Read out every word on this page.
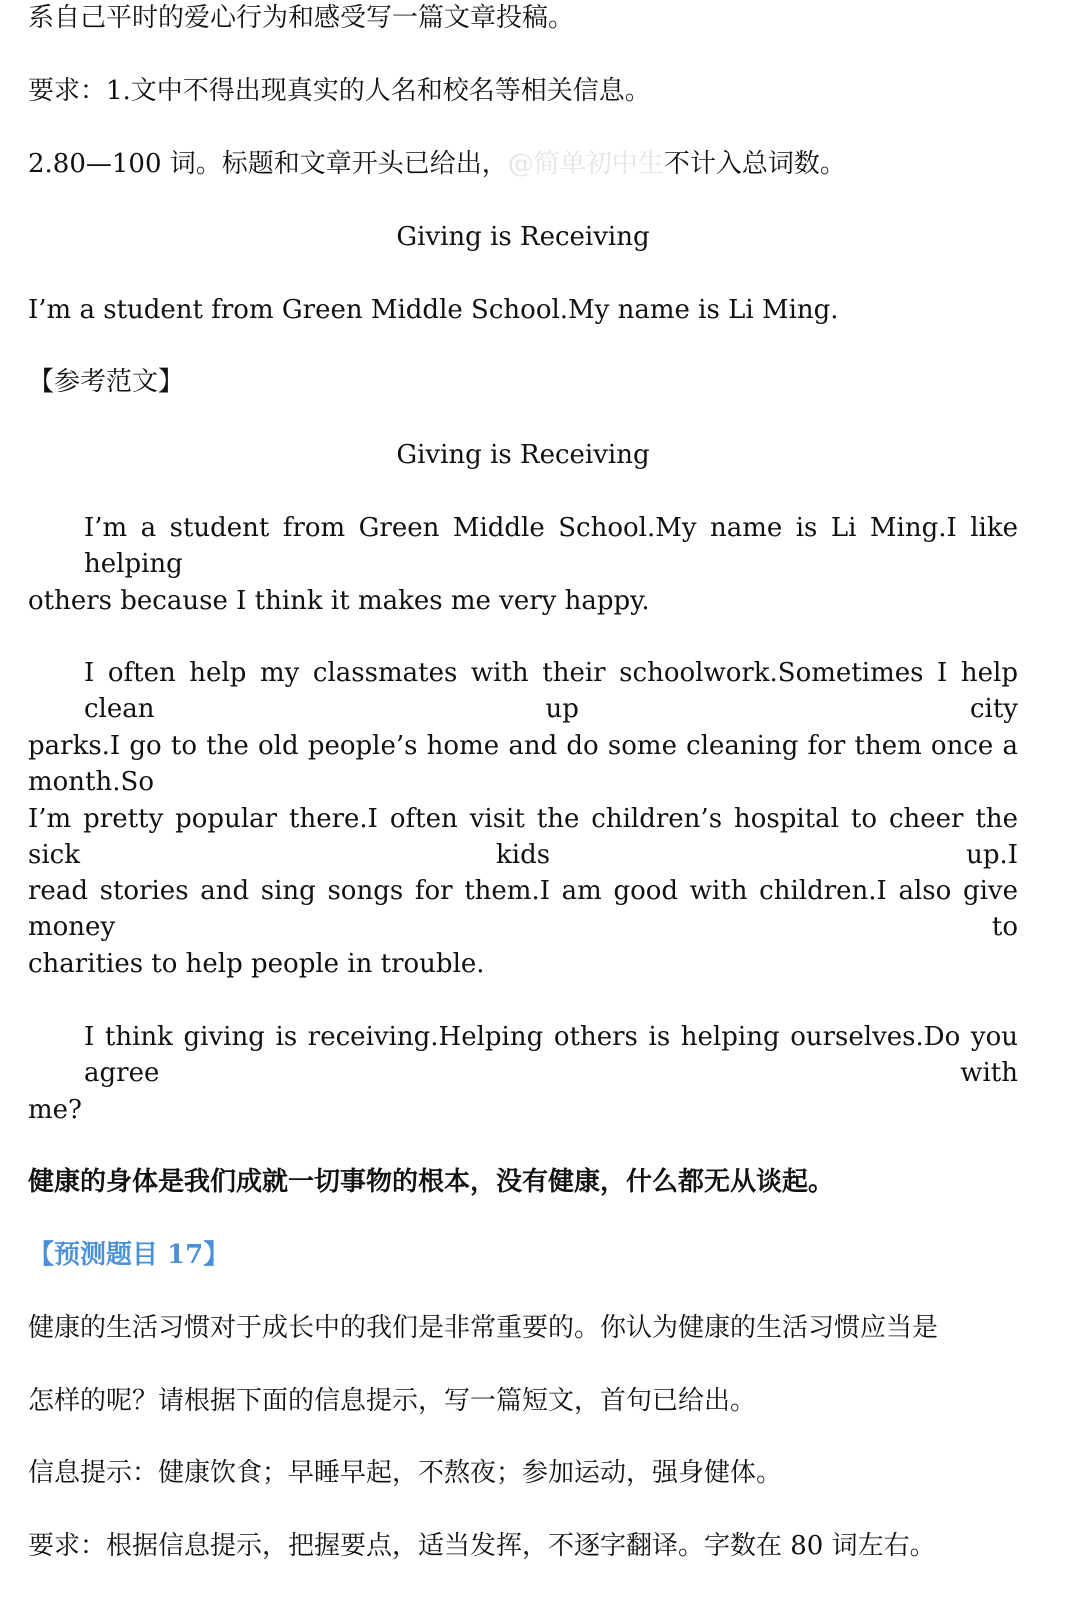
系自己平时的爱心行为和感受写一篇文章投稿。
要求：1.文中不得出现真实的人名和校名等相关信息。
2.80—100 词。标题和文章开头已给出，@简单初中生不计入总词数。
Giving is Receiving
I’m a student from Green Middle School.My name is Li Ming.
【参考范文】
Giving is Receiving
I’m a student from Green Middle School.My name is Li Ming.I like helping
others because I think it makes me very happy.
I often help my classmates with their schoolwork.Sometimes I help clean up city
parks.I go to the old people’s home and do some cleaning for them once a month.So
I’m pretty popular there.I often visit the children’s hospital to cheer the sick kids up.I
read stories and sing songs for them.I am good with children.I also give money to
charities to help people in trouble.
I think giving is receiving.Helping others is helping ourselves.Do you agree with
me?
健康的身体是我们成就一切事物的根本，没有健康，什么都无从谈起。
【预测题目 17】
健康的生活习惯对于成长中的我们是非常重要的。你认为健康的生活习惯应当是
怎样的呢？请根据下面的信息提示，写一篇短文，首句已给出。
信息提示：健康饮食；早睡早起，不熬夜；参加运动，强身健体。
要求：根据信息提示，把握要点，适当发挥，不逐字翻译。字数在 80 词左右。
